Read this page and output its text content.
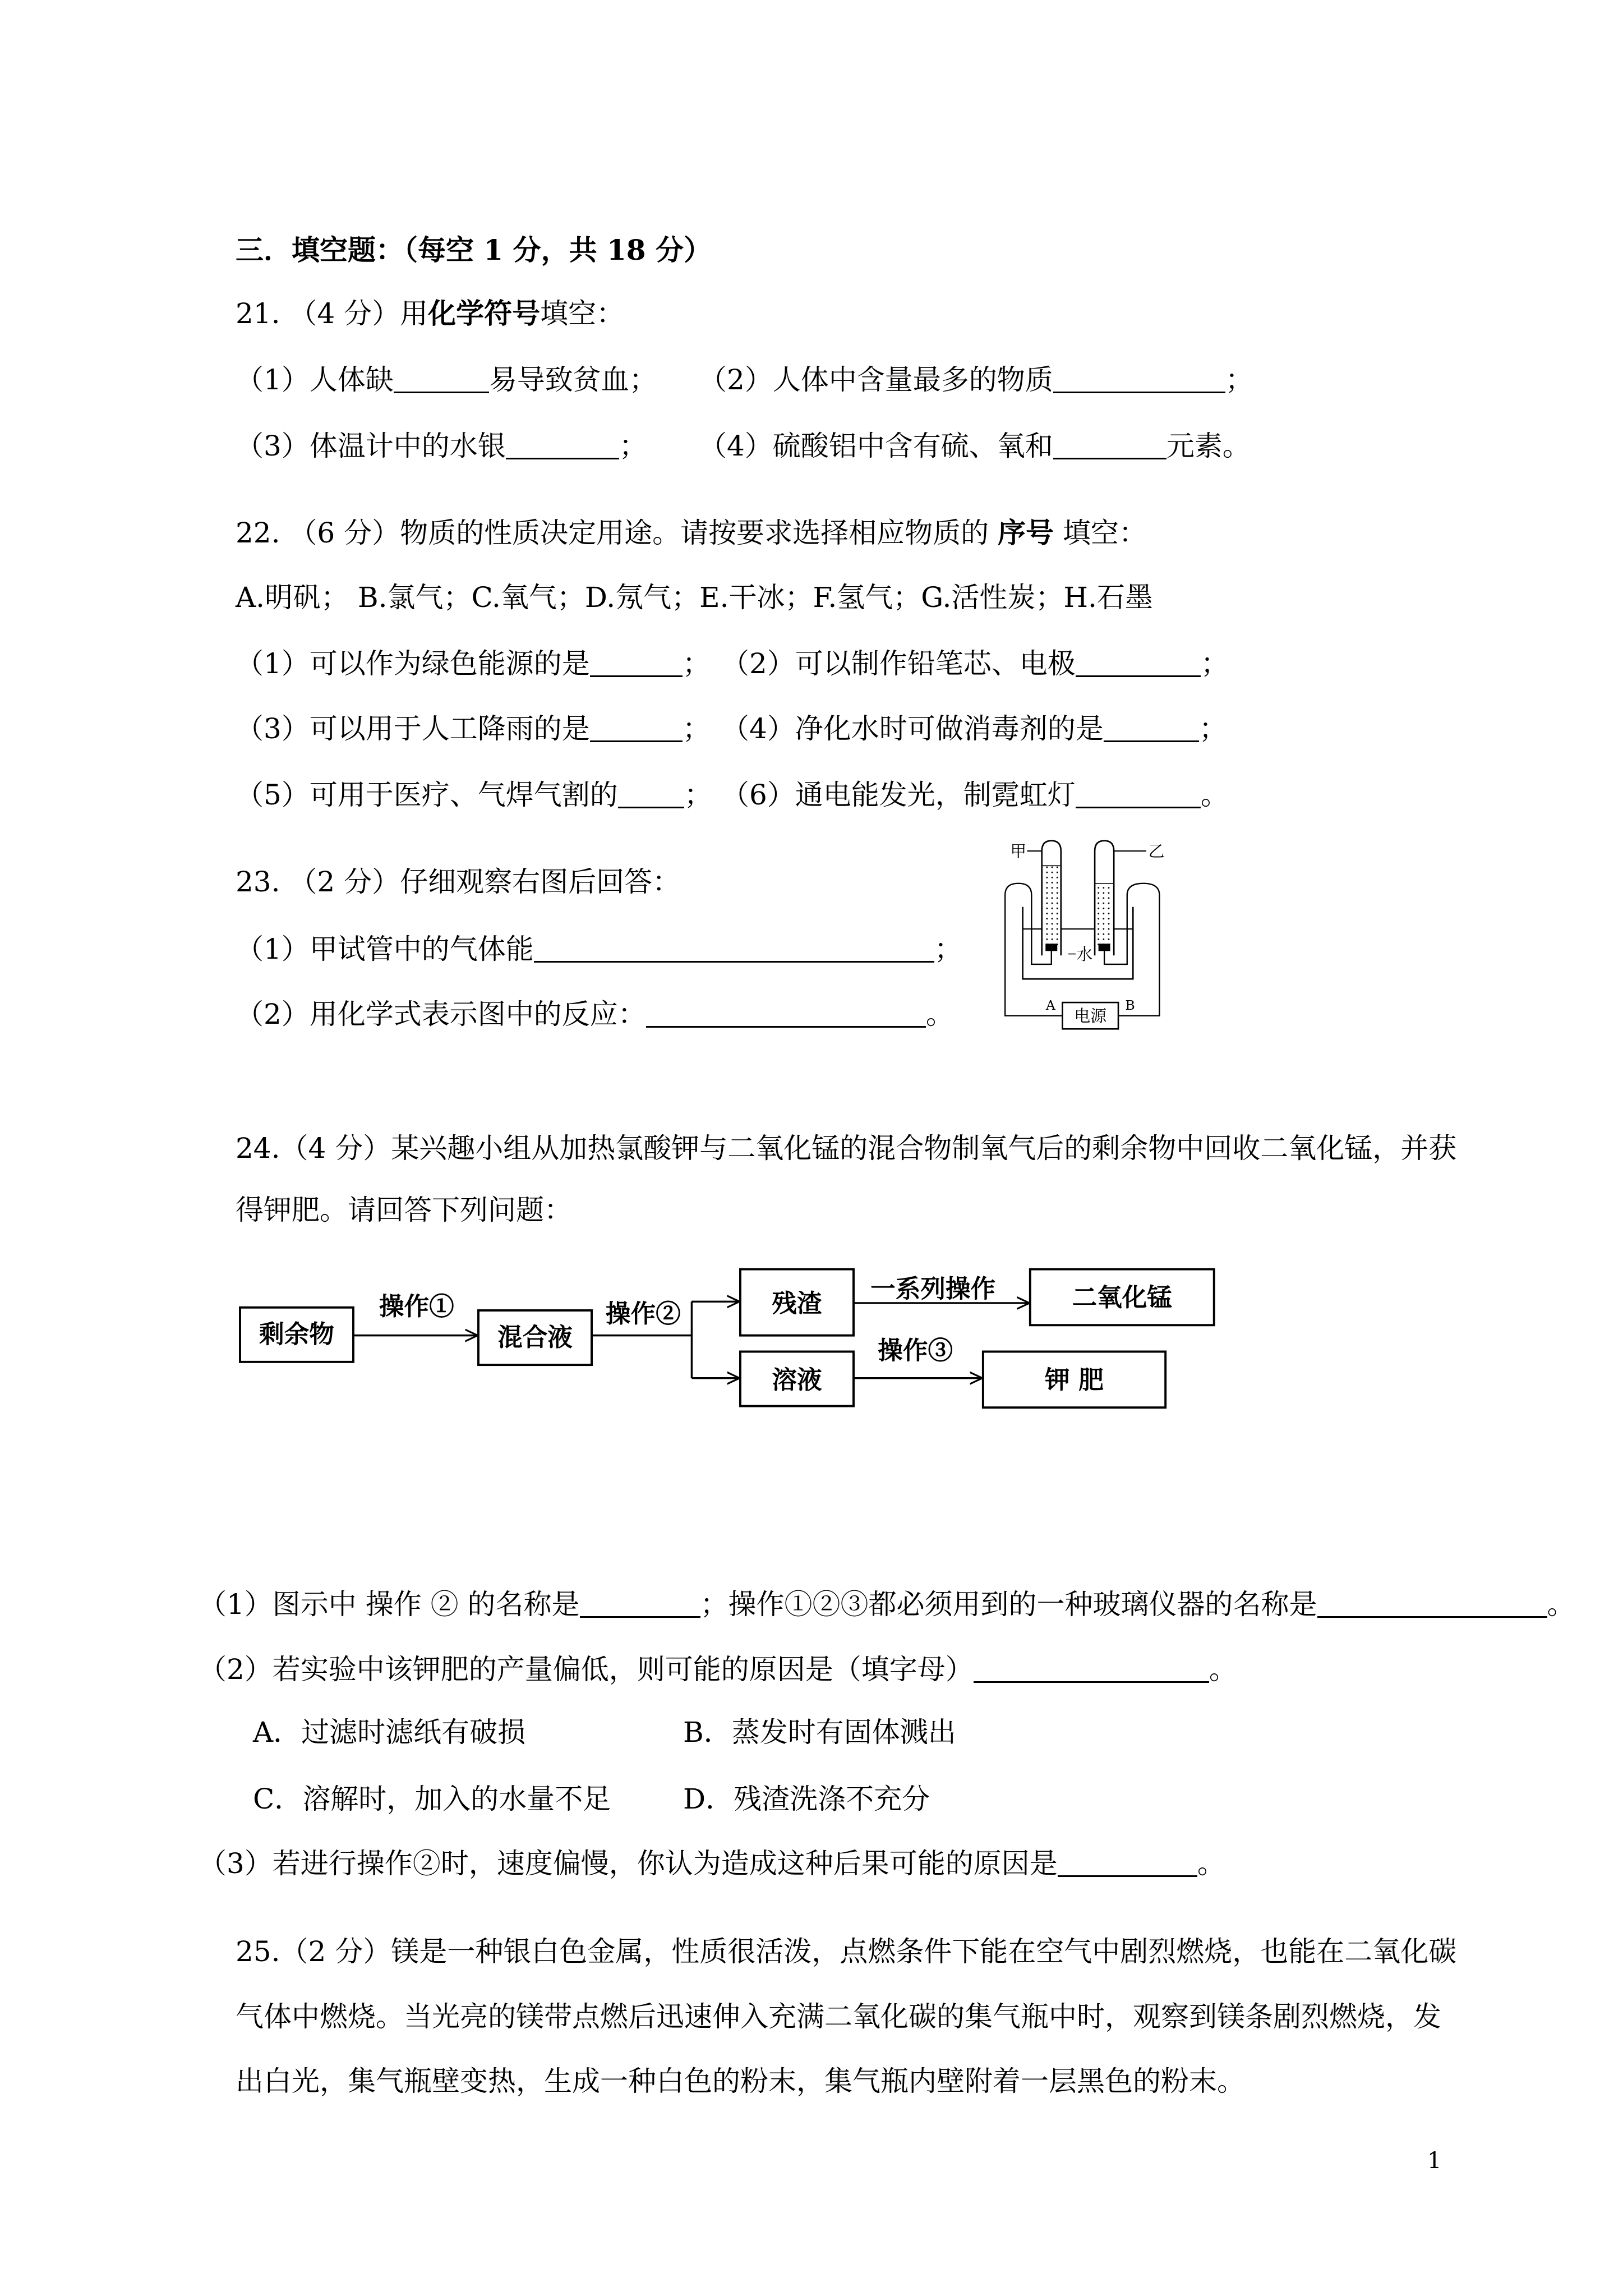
三．填空题：（每空 1 分，共 18 分）
21. （4 分）用化学符号填空：
（1）人体缺	易导致贫血； （2）人体中含量最多的物质	；
（3）体温计中的水银	； （4）硫酸铝中含有硫、氧和	元素。
22. （6 分）物质的性质决定用途。请按要求选择相应物质的 序号 填空：
A.明矾； B.氯气；C.氧气；D.氖气；E.干冰；F.氢气；G.活性炭；H.石墨
（1）可以作为绿色能源的是	； （2）可以制作铅笔芯、电极	；
（3）可以用于人工降雨的是	； （4）净化水时可做消毒剂的是	；
（5）可用于医疗、气焊气割的 ； （6）通电能发光，制霓虹灯	。
23. （2 分）仔细观察右图后回答：
（1）甲试管中的气体能	；
（2）用化学式表示图中的反应：	。	电源
A	B
甲	乙
水
24.（4 分）某兴趣小组从加热氯酸钾与二氧化锰的混合物制氧气后的剩余物中回收二氧化锰，并获
得钾肥。请回答下列问题：
剩余物
操作①
混合液
操作②	残渣	一系列操作	二氧化锰
溶液
操作③
钾 肥
（1）图示中 操作 ② 的名称是	；操作①②③都必须用到的一种玻璃仪器的名称是	。
（2）若实验中该钾肥的产量偏低，则可能的原因是（填字母）	。
A．过滤时滤纸有破损	B．蒸发时有固体溅出
C．溶解时，加入的水量不足	D．残渣洗涤不充分
（3）若进行操作②时，速度偏慢，你认为造成这种后果可能的原因是	。
25.（2 分）镁是一种银白色金属，性质很活泼，点燃条件下能在空气中剧烈燃烧，也能在二氧化碳
气体中燃烧。当光亮的镁带点燃后迅速伸入充满二氧化碳的集气瓶中时，观察到镁条剧烈燃烧，发
出白光，集气瓶壁变热，生成一种白色的粉末，集气瓶内壁附着一层黑色的粉末。
1
